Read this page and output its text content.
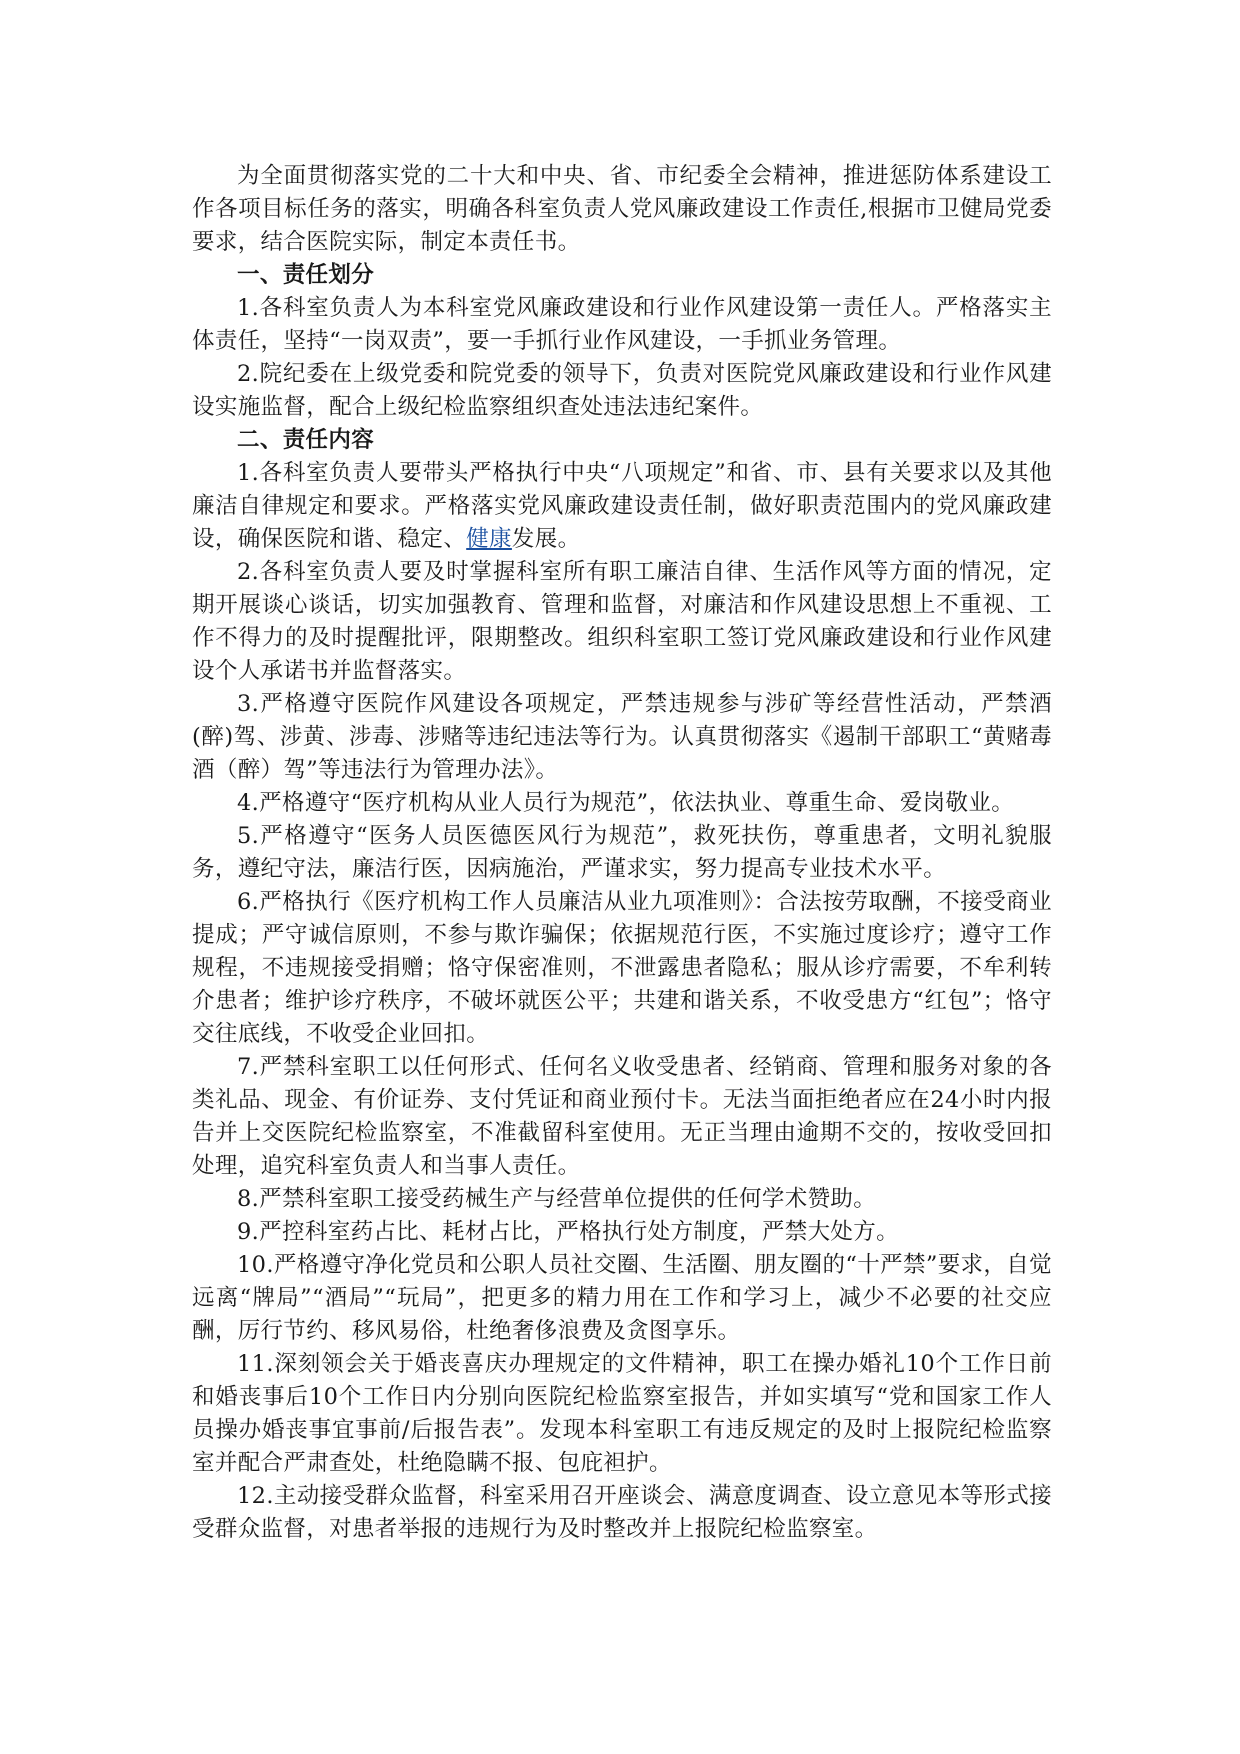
为全面贯彻落实党的二十大和中央、省、市纪委全会精神，推进惩防体系建设工作各项目标任务的落实，明确各科室负责人党风廉政建设工作责任,根据市卫健局党委要求，结合医院实际，制定本责任书。

一、责任划分

1.各科室负责人为本科室党风廉政建设和行业作风建设第一责任人。严格落实主体责任，坚持“一岗双责”，要一手抓行业作风建设，一手抓业务管理。

2.院纪委在上级党委和院党委的领导下，负责对医院党风廉政建设和行业作风建设实施监督，配合上级纪检监察组织查处违法违纪案件。

二、责任内容

1.各科室负责人要带头严格执行中央“八项规定”和省、市、县有关要求以及其他廉洁自律规定和要求。严格落实党风廉政建设责任制，做好职责范围内的党风廉政建设，确保医院和谐、稳定、健康发展。

2.各科室负责人要及时掌握科室所有职工廉洁自律、生活作风等方面的情况，定期开展谈心谈话，切实加强教育、管理和监督，对廉洁和作风建设思想上不重视、工作不得力的及时提醒批评，限期整改。组织科室职工签订党风廉政建设和行业作风建设个人承诺书并监督落实。

3.严格遵守医院作风建设各项规定，严禁违规参与涉矿等经营性活动，严禁酒(醉)驾、涉黄、涉毒、涉赌等违纪违法等行为。认真贯彻落实《遏制干部职工“黄赌毒酒（醉）驾”等违法行为管理办法》。

4.严格遵守“医疗机构从业人员行为规范”，依法执业、尊重生命、爱岗敬业。

5.严格遵守“医务人员医德医风行为规范”，救死扶伤，尊重患者，文明礼貌服务，遵纪守法，廉洁行医，因病施治，严谨求实，努力提高专业技术水平。

6.严格执行《医疗机构工作人员廉洁从业九项准则》：合法按劳取酬，不接受商业提成；严守诚信原则，不参与欺诈骗保；依据规范行医，不实施过度诊疗；遵守工作规程，不违规接受捐赠；恪守保密准则，不泄露患者隐私；服从诊疗需要，不牟利转介患者；维护诊疗秩序，不破坏就医公平；共建和谐关系，不收受患方“红包”；恪守交往底线，不收受企业回扣。

7.严禁科室职工以任何形式、任何名义收受患者、经销商、管理和服务对象的各类礼品、现金、有价证券、支付凭证和商业预付卡。无法当面拒绝者应在24小时内报告并上交医院纪检监察室，不准截留科室使用。无正当理由逾期不交的，按收受回扣处理，追究科室负责人和当事人责任。

8.严禁科室职工接受药械生产与经营单位提供的任何学术赞助。

9.严控科室药占比、耗材占比，严格执行处方制度，严禁大处方。

10.严格遵守净化党员和公职人员社交圈、生活圈、朋友圈的“十严禁”要求，自觉远离“牌局”“酒局”“玩局”，把更多的精力用在工作和学习上，减少不必要的社交应酬，厉行节约、移风易俗，杜绝奢侈浪费及贪图享乐。

11.深刻领会关于婚丧喜庆办理规定的文件精神，职工在操办婚礼10个工作日前和婚丧事后10个工作日内分别向医院纪检监察室报告，并如实填写“党和国家工作人员操办婚丧事宜事前/后报告表”。发现本科室职工有违反规定的及时上报院纪检监察室并配合严肃查处，杜绝隐瞒不报、包庇袒护。

12.主动接受群众监督，科室采用召开座谈会、满意度调查、设立意见本等形式接受群众监督，对患者举报的违规行为及时整改并上报院纪检监察室。
